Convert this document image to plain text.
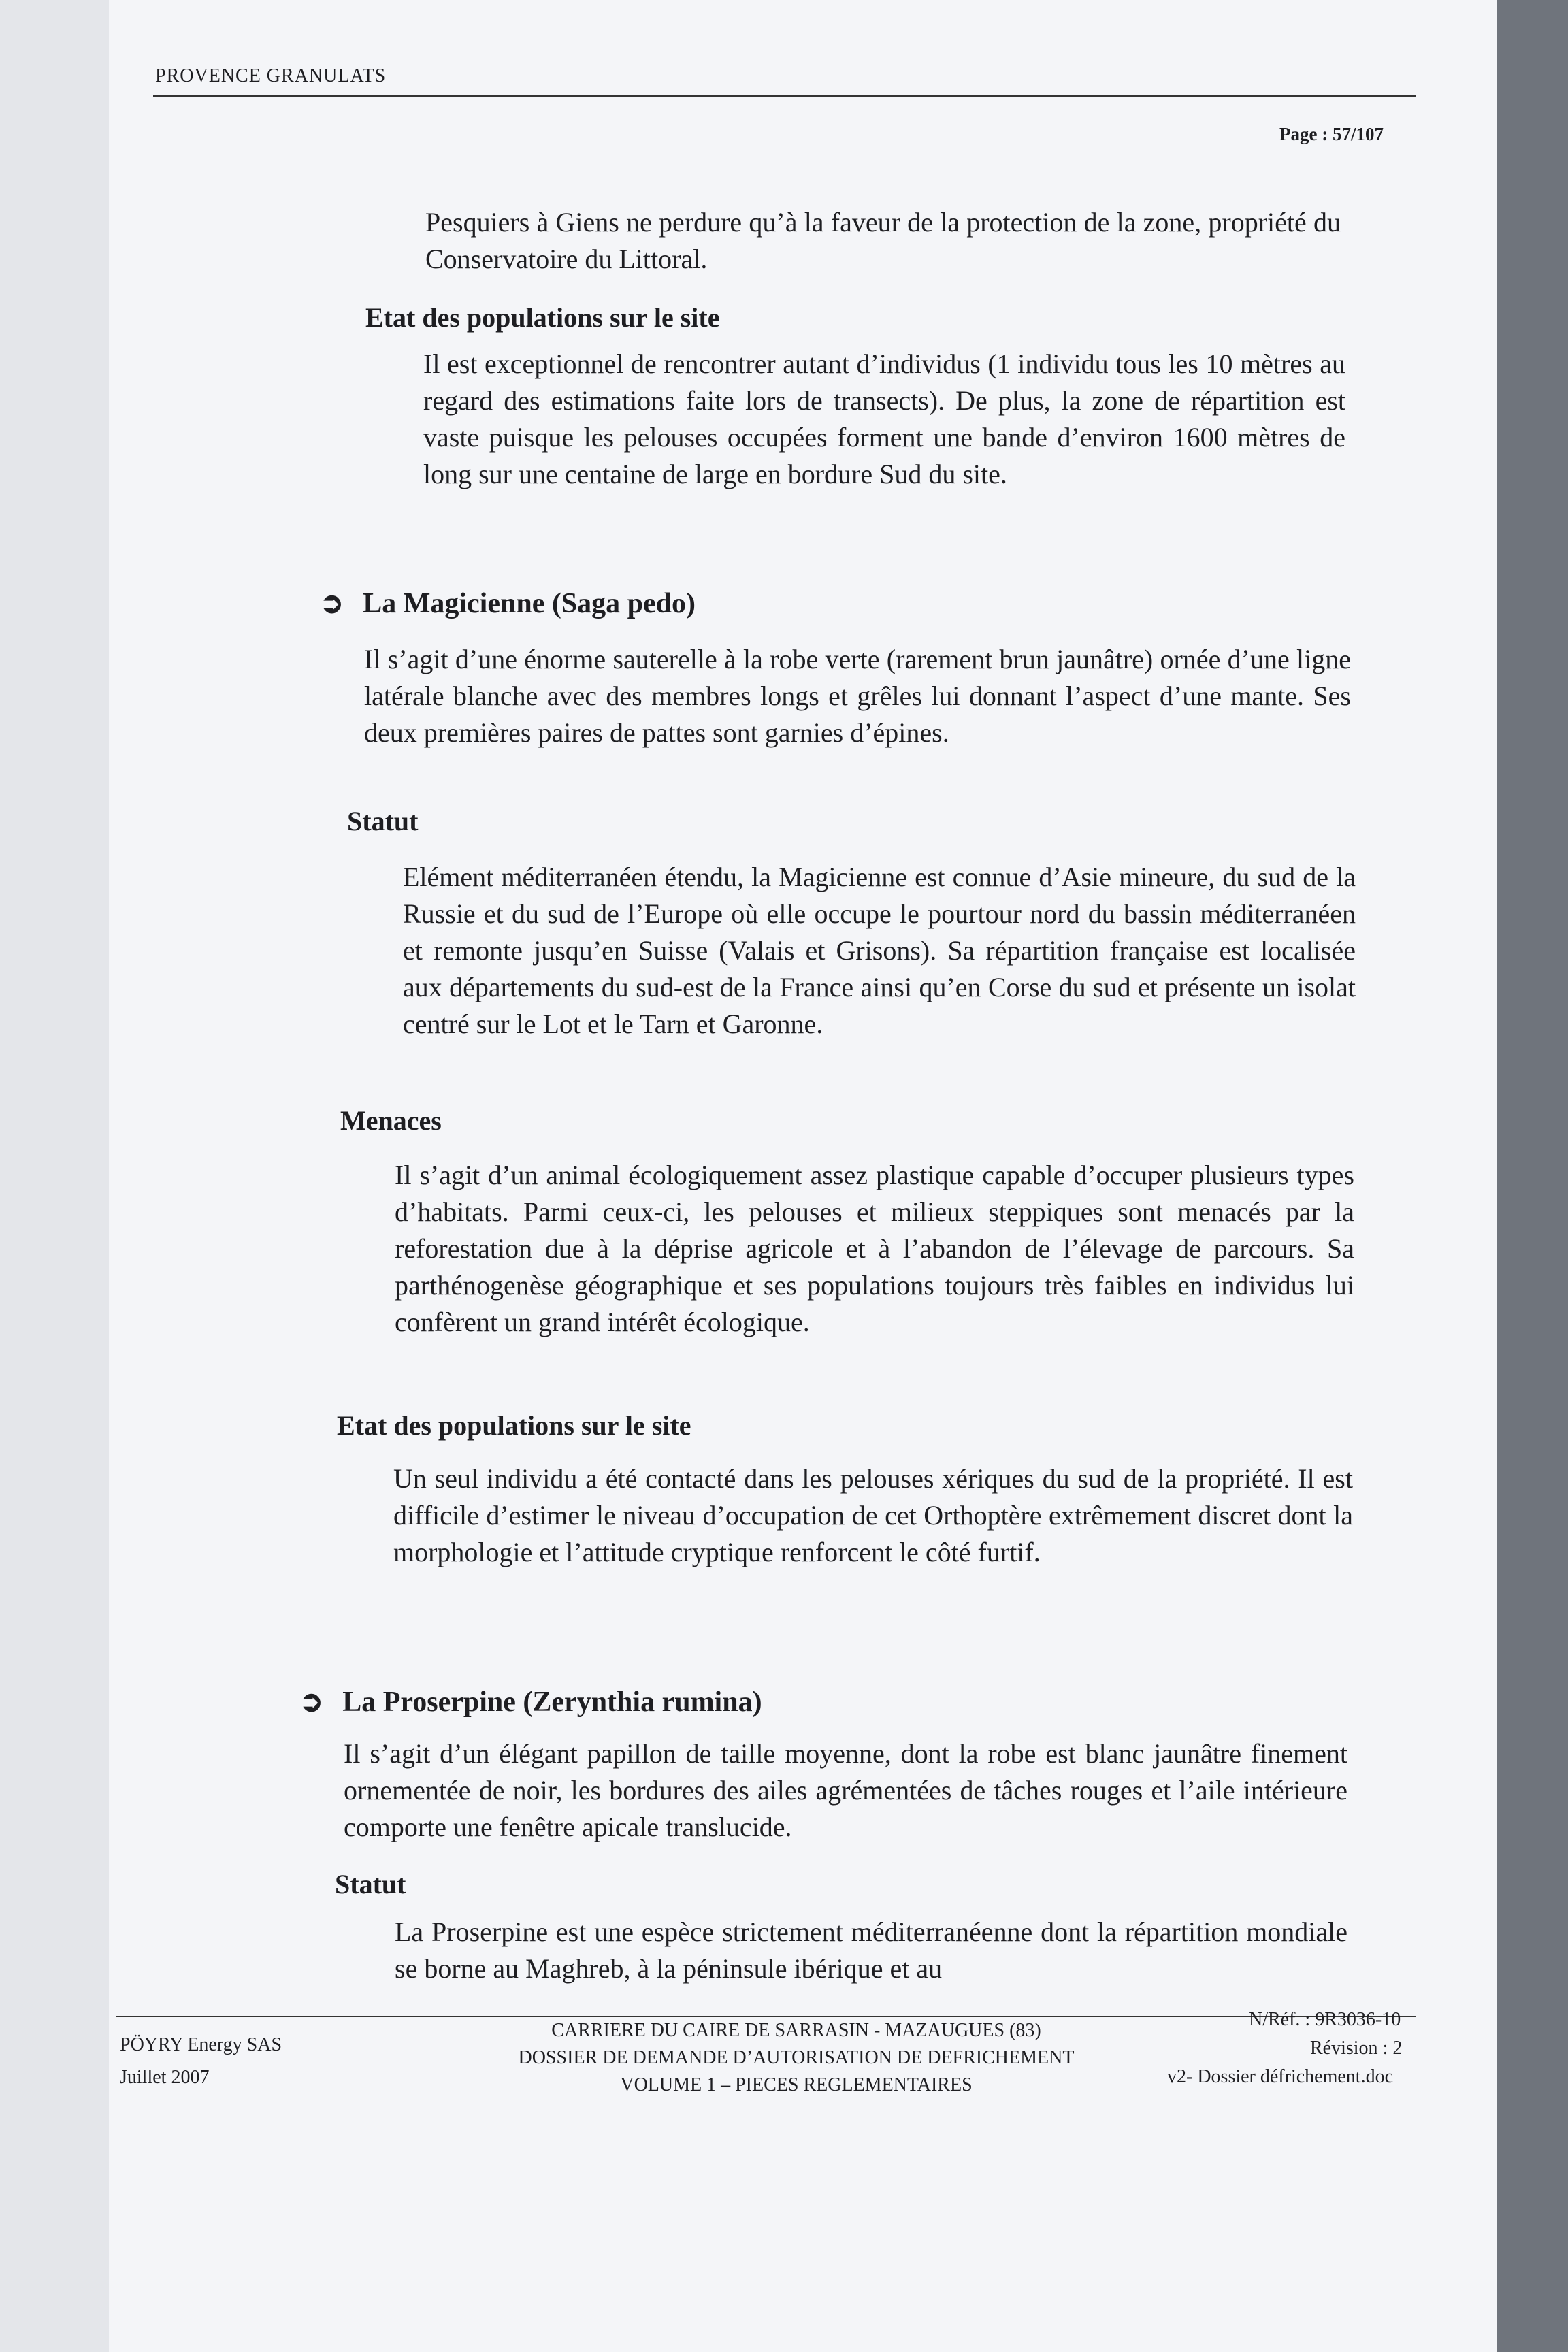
PROVENCE GRANULATS
Page : 57/107

Pesquiers à Giens ne perdure qu’à la faveur de la protection de la zone, propriété du Conservatoire du Littoral.

Etat des populations sur le site

Il est exceptionnel de rencontrer autant d’individus (1 individu tous les 10 mètres au regard des estimations faite lors de transects). De plus, la zone de répartition est vaste puisque les pelouses occupées forment une bande d’environ 1600 mètres de long sur une centaine de large en bordure Sud du site.

➲ La Magicienne (Saga pedo)

Il s’agit d’une énorme sauterelle à la robe verte (rarement brun jaunâtre) ornée d’une ligne latérale blanche avec des membres longs et grêles lui donnant l’aspect d’une mante. Ses deux premières paires de pattes sont garnies d’épines.

Statut

Elément méditerranéen étendu, la Magicienne est connue d’Asie mineure, du sud de la Russie et du sud de l’Europe où elle occupe le pourtour nord du bassin méditerranéen et remonte jusqu’en Suisse (Valais et Grisons). Sa répartition française est localisée aux départements du sud-est de la France ainsi qu’en Corse du sud et présente un isolat centré sur le Lot et le Tarn et Garonne.

Menaces

Il s’agit d’un animal écologiquement assez plastique capable d’occuper plusieurs types d’habitats. Parmi ceux-ci, les pelouses et milieux steppiques sont menacés par la reforestation due à la déprise agricole et à l’abandon de l’élevage de parcours. Sa parthénogenèse géographique et ses populations toujours très faibles en individus lui confèrent un grand intérêt écologique.

Etat des populations sur le site

Un seul individu a été contacté dans les pelouses xériques du sud de la propriété. Il est difficile d’estimer le niveau d’occupation de cet Orthoptère extrêmement discret dont la morphologie et l’attitude cryptique renforcent le côté furtif.

➲ La Proserpine (Zerynthia rumina)

Il s’agit d’un élégant papillon de taille moyenne, dont la robe est blanc jaunâtre finement ornementée de noir, les bordures des ailes agrémentées de tâches rouges et l’aile intérieure comporte une fenêtre apicale translucide.

Statut

La Proserpine est une espèce strictement méditerranéenne dont la répartition mondiale se borne au Maghreb, à la péninsule ibérique et au

PÖYRY Energy SAS

Juillet 2007

CARRIERE DU CAIRE DE SARRASIN - MAZAUGUES (83)

DOSSIER DE DEMANDE D’AUTORISATION DE DEFRICHEMENT

VOLUME 1 – PIECES REGLEMENTAIRES

N/Réf. : 9R3036-10

Révision : 2

v2- Dossier défrichement.doc
